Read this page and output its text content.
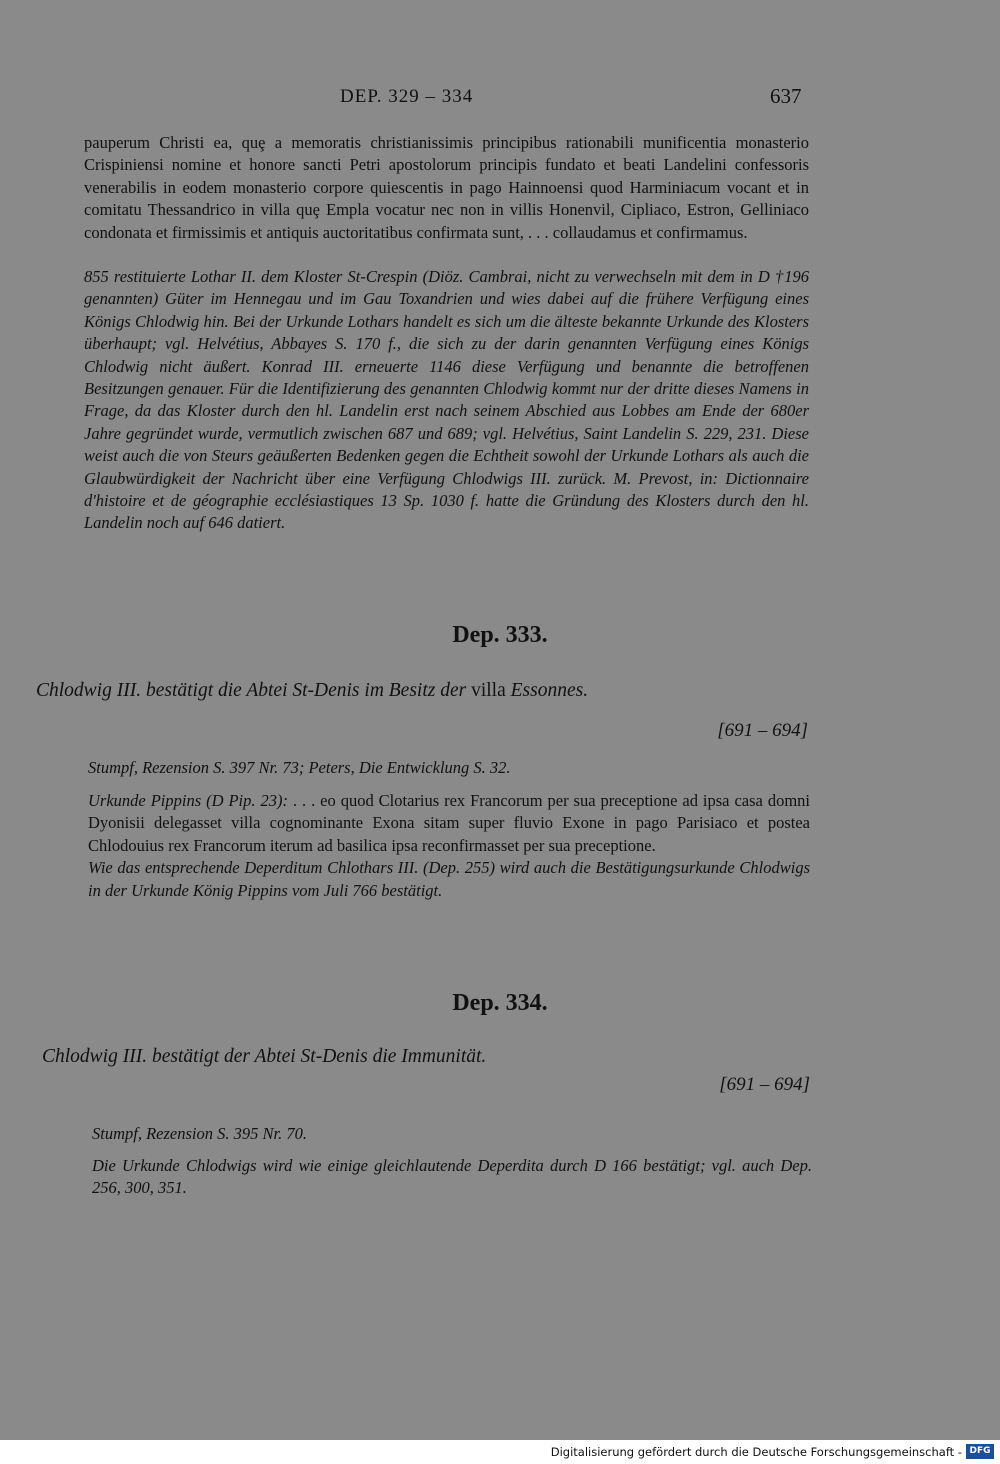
DEP. 329 – 334	637

pauperum Christi ea, quȩ a memoratis christianissimis principibus rationabili munificentia monasterio Crispiniensi nomine et honore sancti Petri apostolorum principis fundato et beati Landelini confessoris venerabilis in eodem monasterio corpore quiescentis in pago Hainnoensi quod Harminiacum vocant et in comitatu Thessandrico in villa quȩ Empla vocatur nec non in villis Honenvil, Cipliaco, Estron, Gelliniaco condonata et firmissimis et antiquis auctoritatibus confirmata sunt, . . . collaudamus et confirmamus.

855 restituierte Lothar II. dem Kloster St-Crespin (Diöz. Cambrai, nicht zu verwechseln mit dem in D †196 genannten) Güter im Hennegau und im Gau Toxandrien und wies dabei auf die frühere Verfügung eines Königs Chlodwig hin. Bei der Urkunde Lothars handelt es sich um die älteste bekannte Urkunde des Klosters überhaupt; vgl. Helvétius, Abbayes S. 170 f., die sich zu der darin genannten Verfügung eines Königs Chlodwig nicht äußert. Konrad III. erneuerte 1146 diese Verfügung und benannte die betroffenen Besitzungen genauer. Für die Identifizierung des genannten Chlodwig kommt nur der dritte dieses Namens in Frage, da das Kloster durch den hl. Landelin erst nach seinem Abschied aus Lobbes am Ende der 680er Jahre gegründet wurde, vermutlich zwischen 687 und 689; vgl. Helvétius, Saint Landelin S. 229, 231. Diese weist auch die von Steurs geäußerten Bedenken gegen die Echtheit sowohl der Urkunde Lothars als auch die Glaubwürdigkeit der Nachricht über eine Verfügung Chlodwigs III. zurück. M. Prevost, in: Dictionnaire d'histoire et de géographie ecclésiastiques 13 Sp. 1030 f. hatte die Gründung des Klosters durch den hl. Landelin noch auf 646 datiert.

Dep. 333.
Chlodwig III. bestätigt die Abtei St-Denis im Besitz der villa Essonnes.
[691 – 694]
Stumpf, Rezension S. 397 Nr. 73; Peters, Die Entwicklung S. 32.

Urkunde Pippins (D Pip. 23): . . . eo quod Clotarius rex Francorum per sua preceptione ad ipsa casa domni Dyonisii delegasset villa cognominante Exona sitam super fluvio Exone in pago Parisiaco et postea Chlodouius rex Francorum iterum ad basilica ipsa reconfirmasset per sua preceptione.

Wie das entsprechende Deperditum Chlothars III. (Dep. 255) wird auch die Bestätigungsurkunde Chlodwigs in der Urkunde König Pippins vom Juli 766 bestätigt.

Dep. 334.
Chlodwig III. bestätigt der Abtei St-Denis die Immunität.
[691 – 694]
Stumpf, Rezension S. 395 Nr. 70.

Die Urkunde Chlodwigs wird wie einige gleichlautende Deperdita durch D 166 bestätigt; vgl. auch Dep. 256, 300, 351.

Digitalisierung gefördert durch die Deutsche Forschungsgemeinschaft - DFG
